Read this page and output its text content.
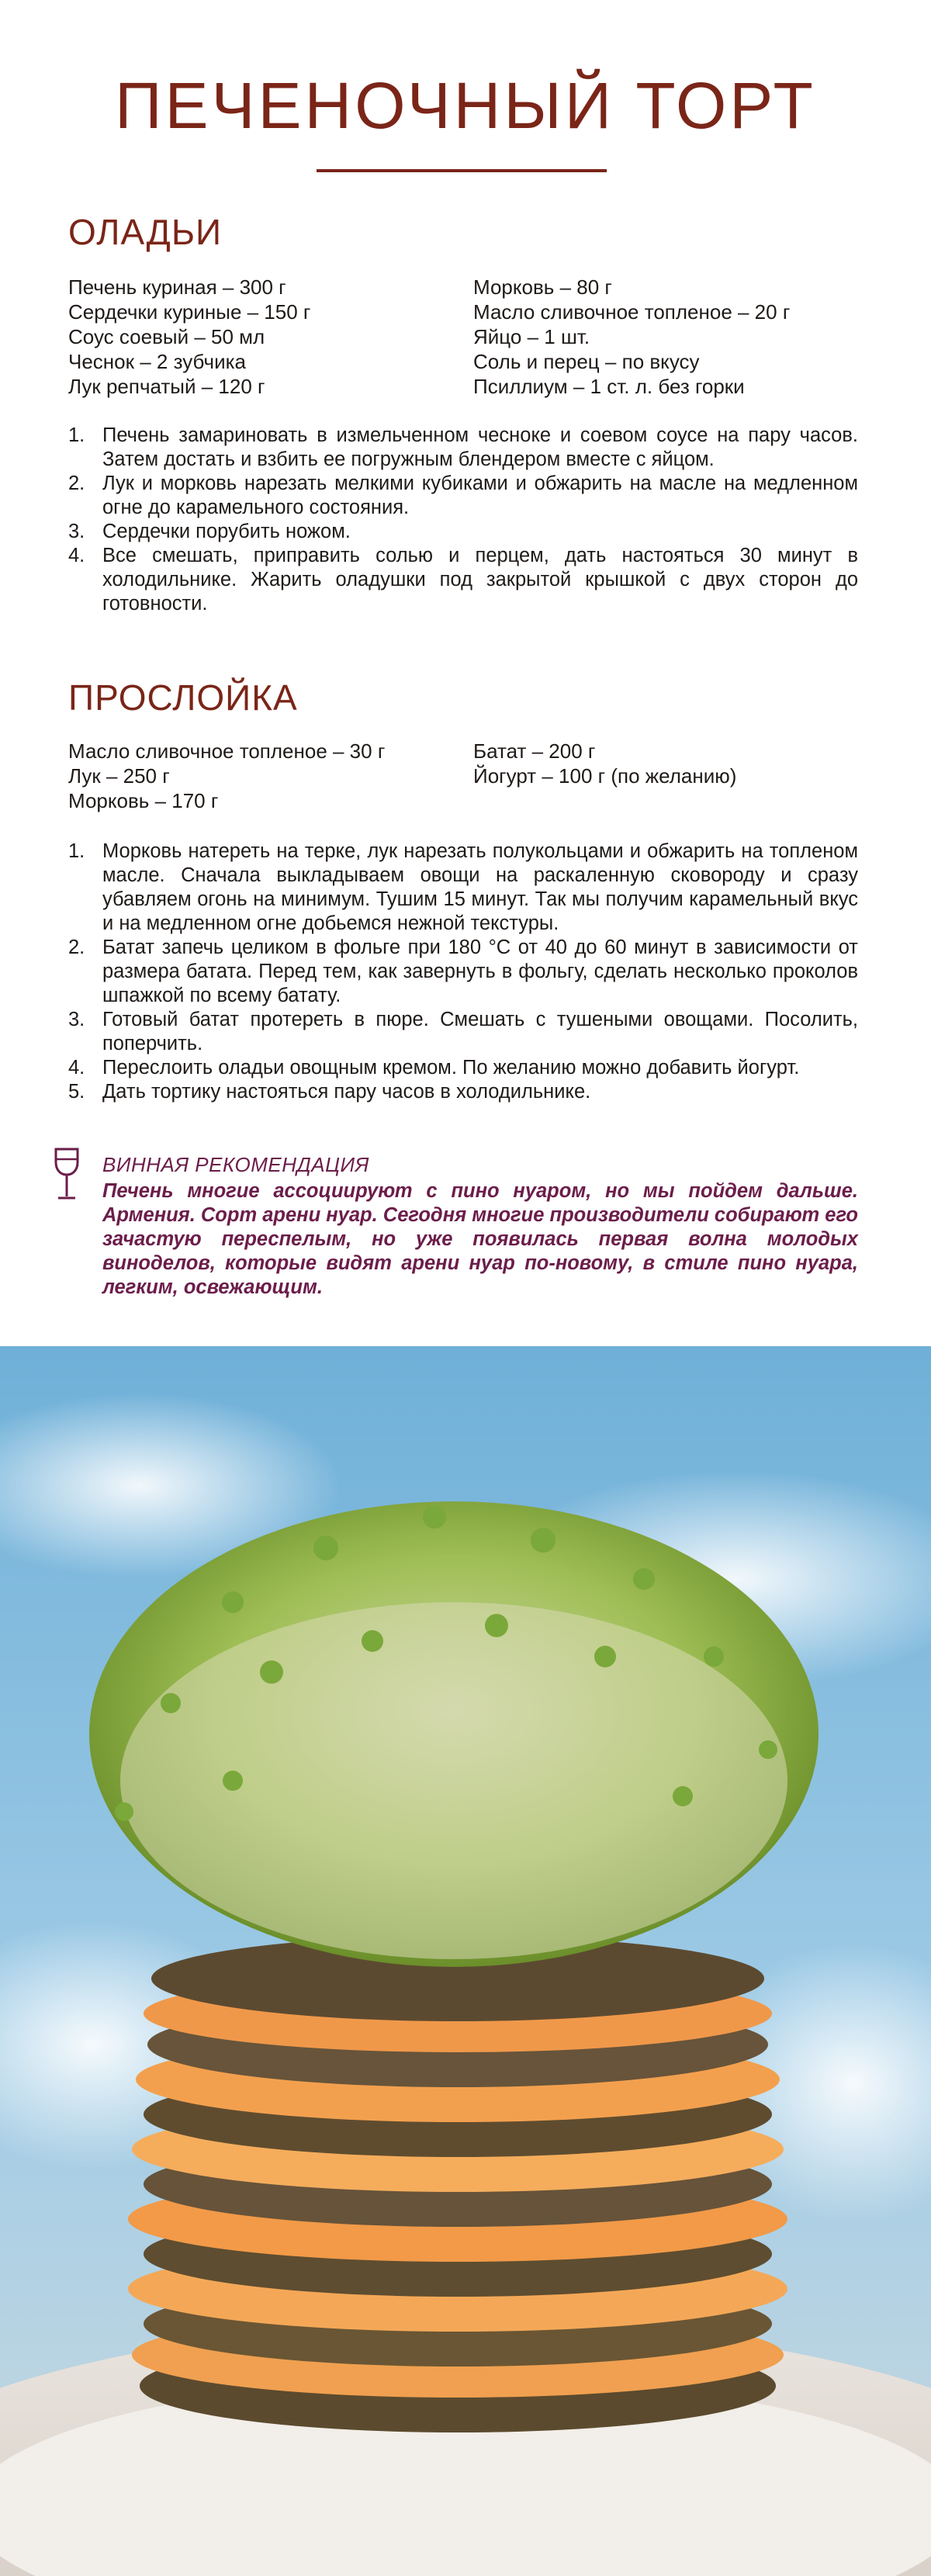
ПЕЧЕНОЧНЫЙ ТОРТ
ОЛАДЬИ
Печень куриная – 300 г
Сердечки куриные – 150 г
Соус соевый – 50 мл
Чеснок – 2 зубчика
Лук репчатый – 120 г
Морковь – 80 г
Масло сливочное топленое – 20 г
Яйцо – 1 шт.
Соль и перец – по вкусу
Псиллиум – 1 ст. л. без горки
1. Печень замариновать в измельченном чесноке и соевом соусе на пару часов. Затем достать и взбить ее погружным блендером вместе с яйцом.
2. Лук и морковь нарезать мелкими кубиками и обжарить на масле на медленном огне до карамельного состояния.
3. Сердечки порубить ножом.
4. Все смешать, приправить солью и перцем, дать настояться 30 минут в холодильнике. Жарить оладушки под закрытой крышкой с двух сторон до готовности.
ПРОСЛОЙКА
Масло сливочное топленое – 30 г
Лук – 250 г
Морковь – 170 г
Батат – 200 г
Йогурт – 100 г (по желанию)
1. Морковь натереть на терке, лук нарезать полукольцами и обжарить на топленом масле. Сначала выкладываем овощи на раскаленную сковороду и сразу убавляем огонь на минимум. Тушим 15 минут. Так мы получим карамельный вкус и на медленном огне добьемся нежной текстуры.
2. Батат запечь целиком в фольге при 180 °C от 40 до 60 минут в зависимости от размера батата. Перед тем, как завернуть в фольгу, сделать несколько проколов шпажкой по всему батату.
3. Готовый батат протереть в пюре. Смешать с тушеными овощами. Посолить, поперчить.
4. Переслоить оладьи овощным кремом. По желанию можно добавить йогурт.
5. Дать тортику настояться пару часов в холодильнике.
ВИННАЯ РЕКОМЕНДАЦИЯ
Печень многие ассоциируют с пино нуаром, но мы пойдем дальше. Армения. Сорт арени нуар. Сегодня многие производители собирают его зачастую переспелым, но уже появилась первая волна молодых виноделов, которые видят арени нуар по-новому, в стиле пино нуара, легким, освежающим.
